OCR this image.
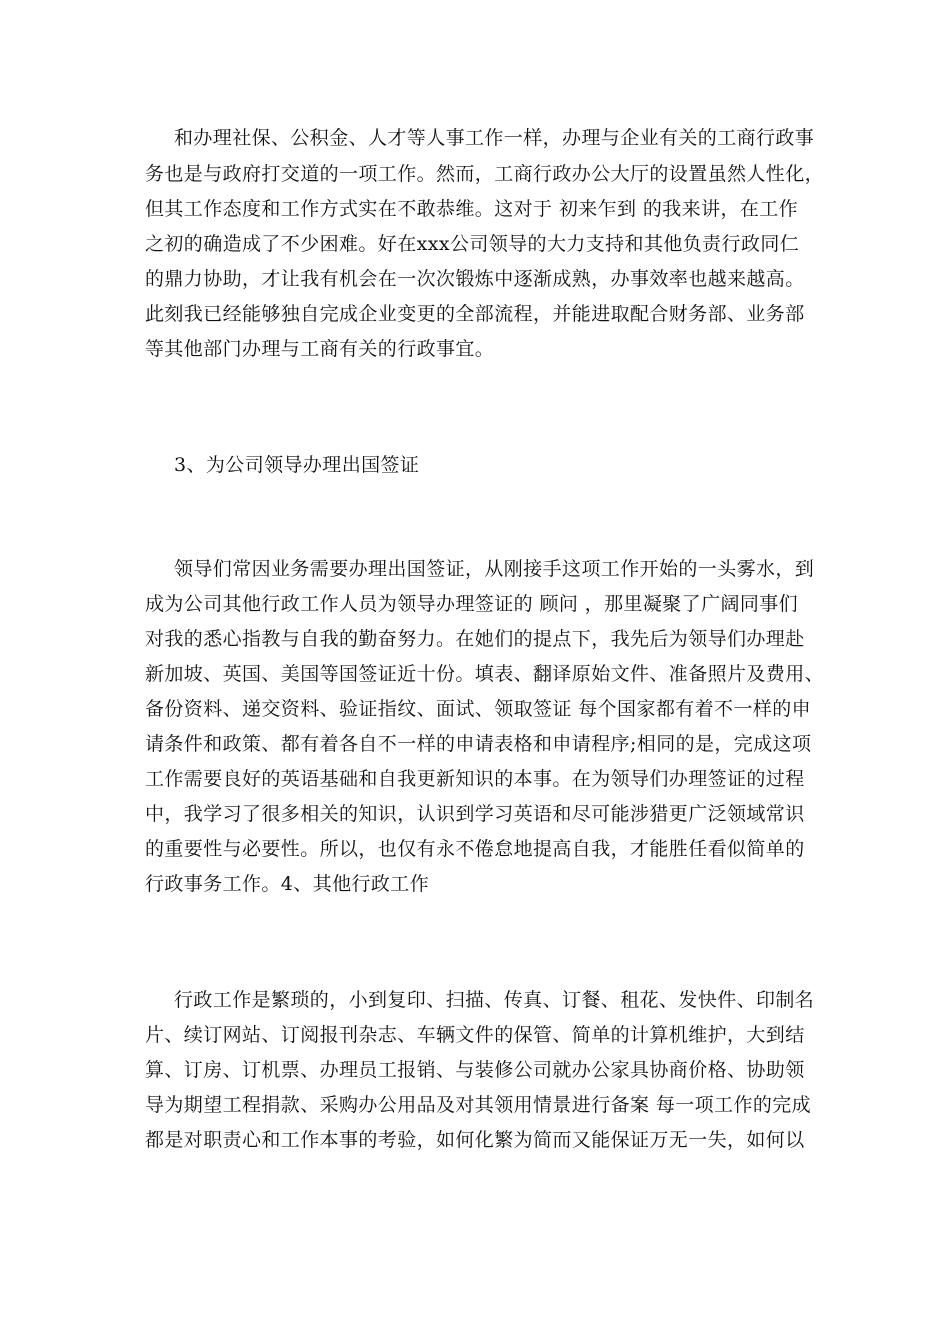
和办理社保、公积金、人才等人事工作一样，办理与企业有关的工商行政事
务也是与政府打交道的一项工作。然而，工商行政办公大厅的设置虽然人性化，
但其工作态度和工作方式实在不敢恭维。这对于 初来乍到 的我来讲，在工作
之初的确造成了不少困难。好在xxx公司领导的大力支持和其他负责行政同仁
的鼎力协助，才让我有机会在一次次锻炼中逐渐成熟，办事效率也越来越高。
此刻我已经能够独自完成企业变更的全部流程，并能进取配合财务部、业务部
等其他部门办理与工商有关的行政事宜。
3、为公司领导办理出国签证
领导们常因业务需要办理出国签证，从刚接手这项工作开始的一头雾水，到
成为公司其他行政工作人员为领导办理签证的 顾问 ，那里凝聚了广阔同事们
对我的悉心指教与自我的勤奋努力。在她们的提点下，我先后为领导们办理赴
新加坡、英国、美国等国签证近十份。填表、翻译原始文件、准备照片及费用、
备份资料、递交资料、验证指纹、面试、领取签证 每个国家都有着不一样的申
请条件和政策、都有着各自不一样的申请表格和申请程序;相同的是，完成这项
工作需要良好的英语基础和自我更新知识的本事。在为领导们办理签证的过程
中，我学习了很多相关的知识，认识到学习英语和尽可能涉猎更广泛领域常识
的重要性与必要性。所以，也仅有永不倦怠地提高自我，才能胜任看似简单的
行政事务工作。4、其他行政工作
行政工作是繁琐的，小到复印、扫描、传真、订餐、租花、发快件、印制名
片、续订网站、订阅报刊杂志、车辆文件的保管、简单的计算机维护，大到结
算、订房、订机票、办理员工报销、与装修公司就办公家具协商价格、协助领
导为期望工程捐款、采购办公用品及对其领用情景进行备案 每一项工作的完成
都是对职责心和工作本事的考验，如何化繁为简而又能保证万无一失，如何以
